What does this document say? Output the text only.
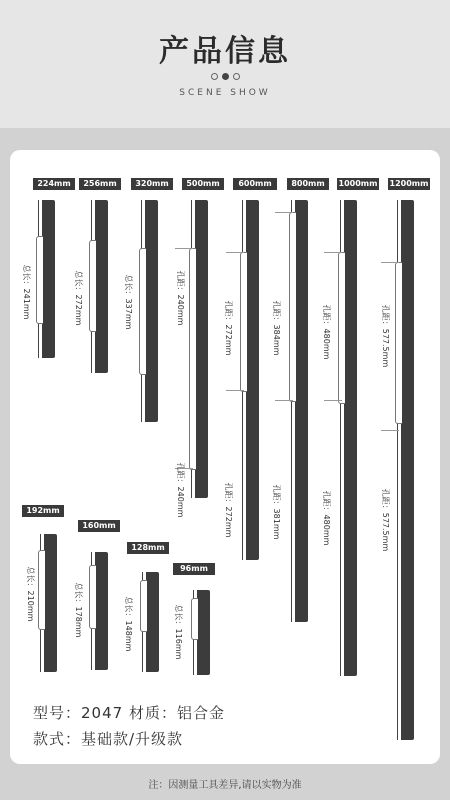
产品信息
SCENE SHOW
224mm
总长：241mm
256mm
总长：272mm
320mm
总长：337mm
500mm
孔距：240mm
孔距：240mm
600mm
孔距：272mm
孔距：272mm
800mm
孔距：384mm
孔距：381mm
1000mm
孔距：480mm
孔距：480mm
1200mm
孔距：577.5mm
孔距：577.5mm
192mm
总长：210mm
160mm
总长：178mm
128mm
总长：148mm
96mm
总长：116mm
型号：2047 材质：铝合金
款式：基础款/升级款
注：因测量工具差异,请以实物为准
